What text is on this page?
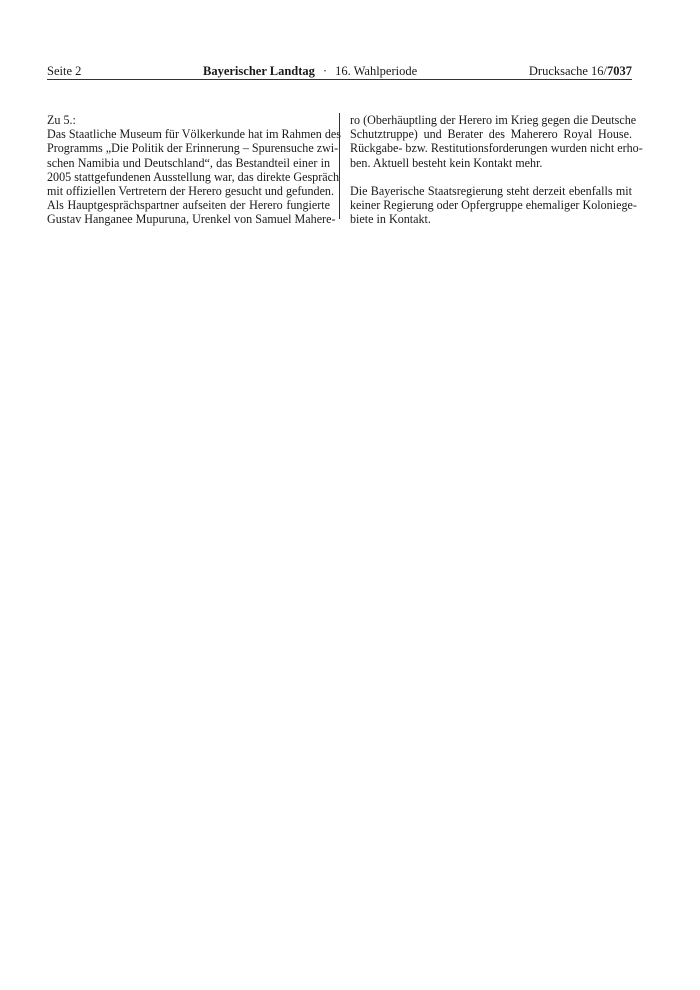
Seite 2	Bayerischer Landtag · 16. Wahlperiode	Drucksache 16/7037

Zu 5.:
Das Staatliche Museum für Völkerkunde hat im Rahmen des
Programms „Die Politik der Erinnerung – Spurensuche zwi-
schen Namibia und Deutschland“, das Bestandteil einer in
2005 stattgefundenen Ausstellung war, das direkte Gespräch
mit offiziellen Vertretern der Herero gesucht und gefunden.
Als Hauptgesprächspartner aufseiten der Herero fungierte
Gustav Hanganee Mupuruna, Urenkel von Samuel Mahere-

ro (Oberhäuptling der Herero im Krieg gegen die Deutsche
Schutztruppe) und Berater des Maherero Royal House.
Rückgabe- bzw. Restitutionsforderungen wurden nicht erho-
ben. Aktuell besteht kein Kontakt mehr.

Die Bayerische Staatsregierung steht derzeit ebenfalls mit
keiner Regierung oder Opfergruppe ehemaliger Koloniege-
biete in Kontakt.
